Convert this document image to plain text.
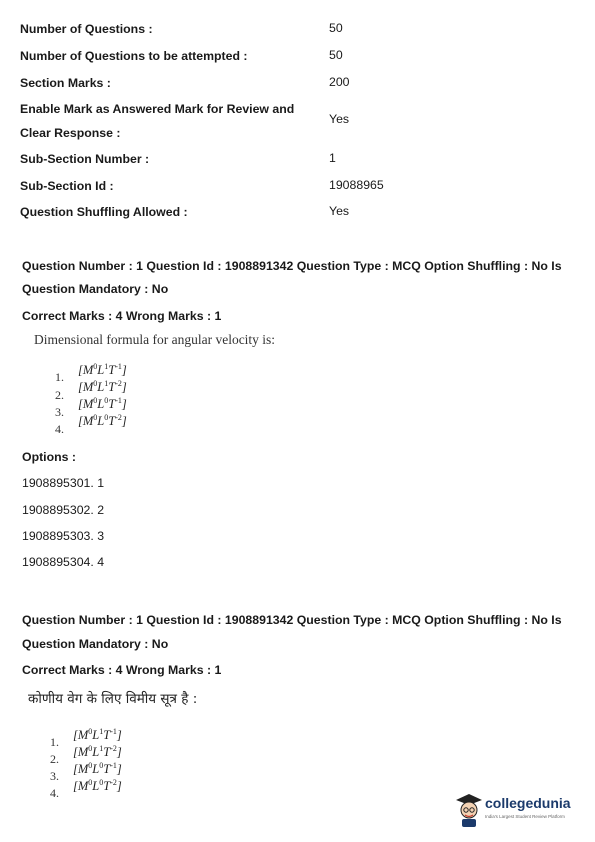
Number of Questions :	50
Number of Questions to be attempted :	50
Section Marks :	200
Enable Mark as Answered Mark for Review and
Clear Response :
Yes
Sub-Section Number :	1
Sub-Section Id :	19088965
Question Shuffling Allowed :	Yes
Question Number : 1 Question Id : 1908891342 Question Type : MCQ Option Shuffling : No Is
Question Mandatory : No
Correct Marks : 4 Wrong Marks : 1
Dimensional formula for angular velocity is:
1.
2.
3.
4.
$[M^0L^1T^{-1}]$
$[M^0L^1T^{-2}]$
$[M^0L^0T^{-1}]$
$[M^0L^0T^{-2}]$
Options :
1908895301. 1
1908895302. 2
1908895303. 3
1908895304. 4
Question Number : 1 Question Id : 1908891342 Question Type : MCQ Option Shuffling : No Is
Question Mandatory : No
Correct Marks : 4 Wrong Marks : 1
कोणीय वेग के लिए विमीय सूत्र है :
1.
2.
3.
4.
$[M^0L^1T^{-1}]$
$[M^0L^1T^{-2}]$
$[M^0L^0T^{-1}]$
$[M^0L^0T^{-2}]$
collegedunia
India's Largest Student Review Platform
